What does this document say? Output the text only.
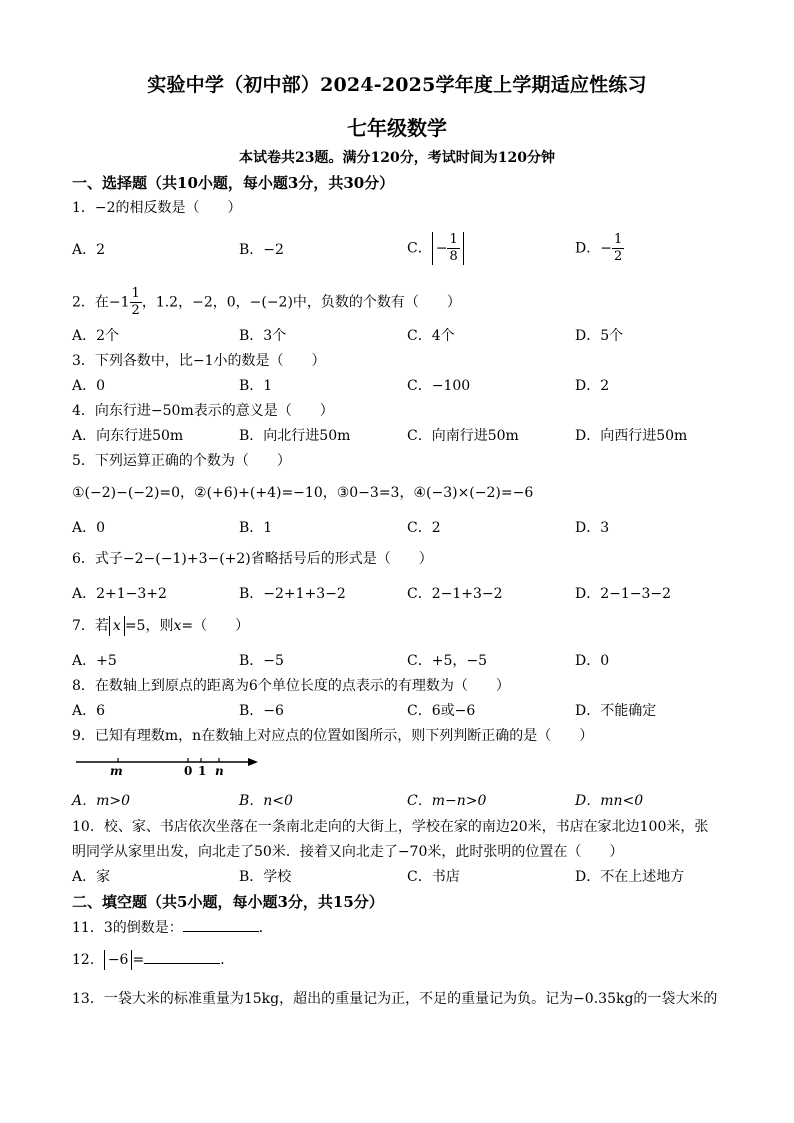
实验中学（初中部）2024-2025学年度上学期适应性练习
七年级数学
本试卷共23题。满分120分，考试时间为120分钟
一、选择题（共10小题，每小题3分，共30分）
1．−2的相反数是（　　）
A．2	B．−2	C． − $\frac{1}{8}$	D．− $\frac{1}{2}$
2．在$-1 \frac{1}{2}$ ，1.2，−2，0，−(−2)中，负数的个数有（　　）
A．2个	B．3个	C．4个	D．5个
3．下列各数中，比−1小的数是（　　）
A．0	B．1	C．−100	D．2
4．向东行进−50m表示的意义是（　　）
A．向东行进50m	B．向北行进50m	C．向南行进50m	D．向西行进50m
5．下列运算正确的个数为（　　）
①(−2)−(−2)=0，②(+6)+(+4)=−10，③0−3=3，④(−3)×(−2)=−6
A．0	B．1	C．2	D．3
6．式子−2−(−1)+3−(+2)省略括号后的形式是（　　）
A．2+1−3+2	B．−2+1+3−2	C．2−1+3−2	D．2−1−3−2
7．若 x =5，则x=（　　）
A．+5	B．−5	C．+5，−5	D．0
8．在数轴上到原点的距离为6个单位长度的点表示的有理数为（　　）
A．6	B．−6	C．6或−6	D．不能确定
9．已知有理数m，n在数轴上对应点的位置如图所示，则下列判断正确的是（　　）
m	0 1 n
A．m>0	B．n<0	C．m−n>0	D．mn<0
10．校、家、书店依次坐落在一条南北走向的大街上，学校在家的南边20米，书店在家北边100米，张
明同学从家里出发，向北走了50米．接着又向北走了−70米，此时张明的位置在（　　）
A．家	B．学校	C．书店	D．不在上述地方
二、填空题（共5小题，每小题3分，共15分）
11．3的倒数是：	．
12． −6 =	．
13．一袋大米的标准重量为15kg，超出的重量记为正，不足的重量记为负。记为−0.35kg的一袋大米的
